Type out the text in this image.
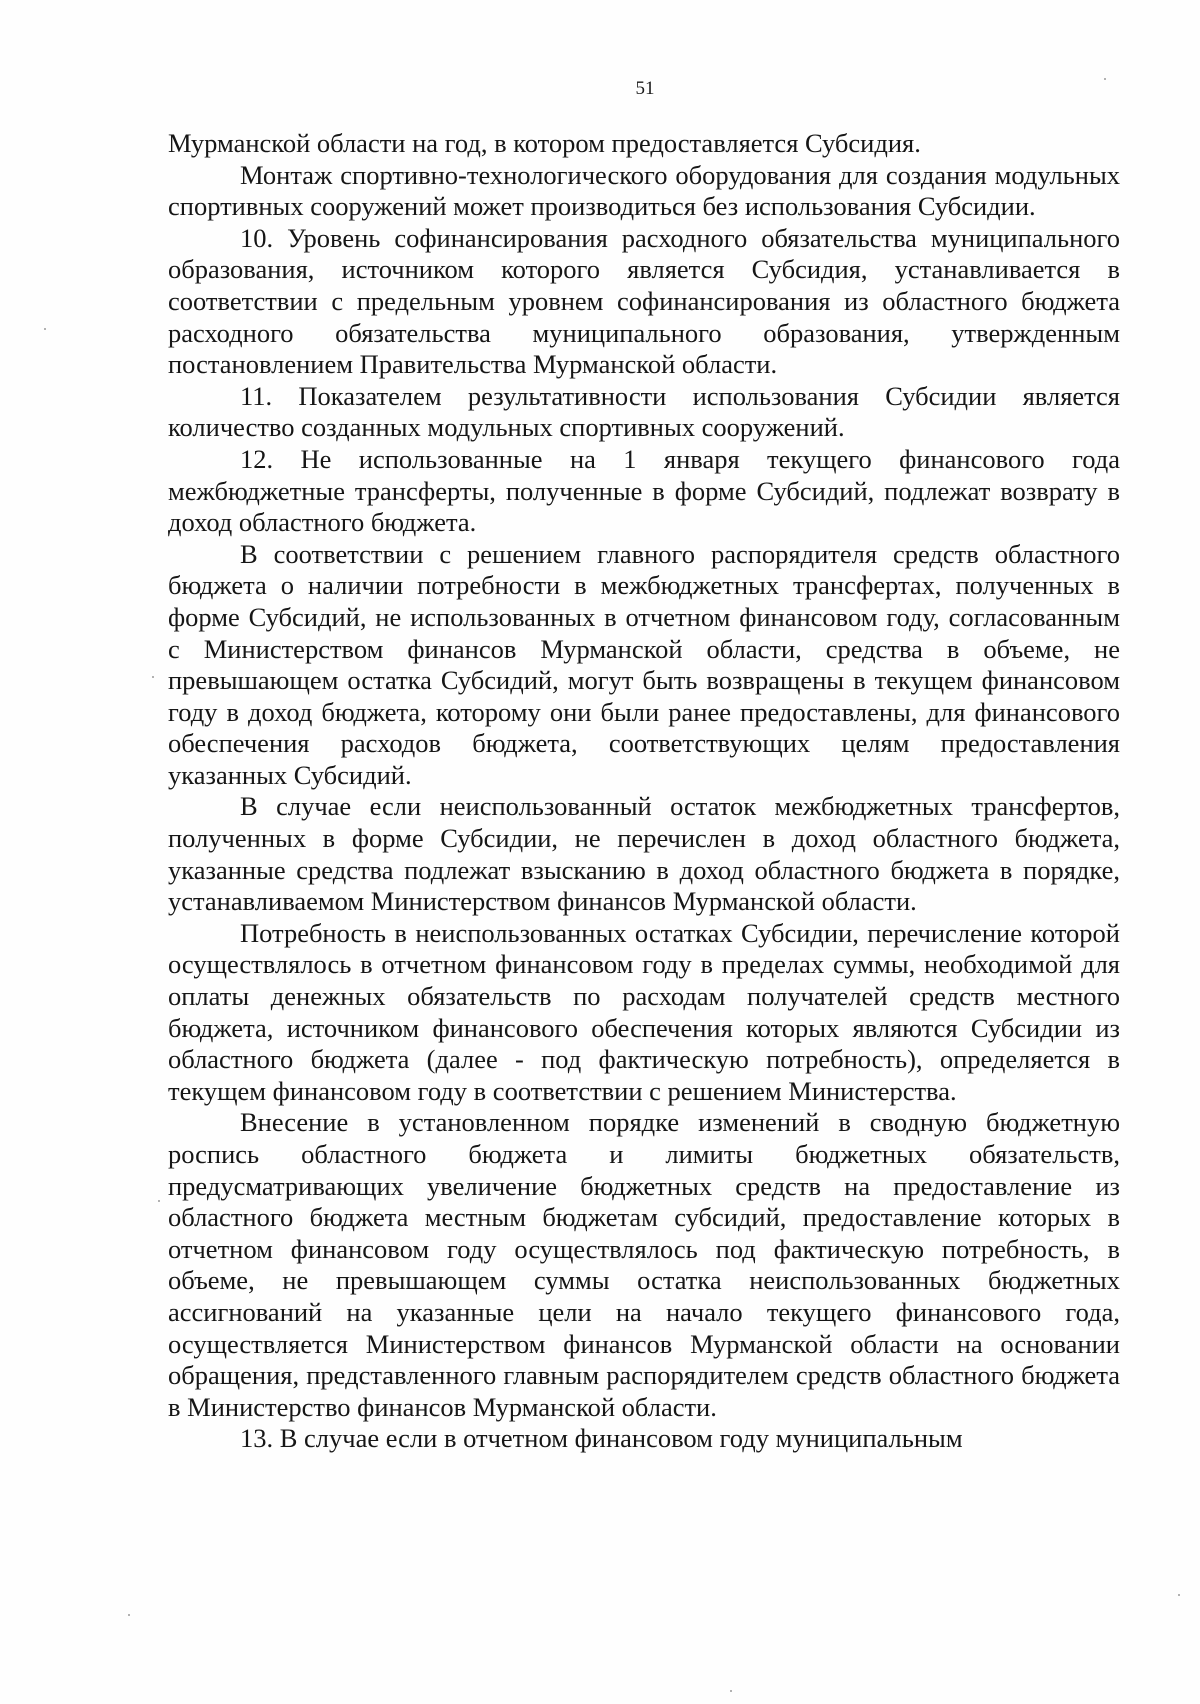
51

Мурманской области на год, в котором предоставляется Субсидия.

Монтаж спортивно-технологического оборудования для создания модульных спортивных сооружений может производиться без использования Субсидии.

10. Уровень софинансирования расходного обязательства муниципального образования, источником которого является Субсидия, устанавливается в соответствии с предельным уровнем софинансирования из областного бюджета расходного обязательства муниципального образования, утвержденным постановлением Правительства Мурманской области.

11. Показателем результативности использования Субсидии является количество созданных модульных спортивных сооружений.

12. Не использованные на 1 января текущего финансового года межбюджетные трансферты, полученные в форме Субсидий, подлежат возврату в доход областного бюджета.

В соответствии с решением главного распорядителя средств областного бюджета о наличии потребности в межбюджетных трансфертах, полученных в форме Субсидий, не использованных в отчетном финансовом году, согласованным с Министерством финансов Мурманской области, средства в объеме, не превышающем остатка Субсидий, могут быть возвращены в текущем финансовом году в доход бюджета, которому они были ранее предоставлены, для финансового обеспечения расходов бюджета, соответствующих целям предоставления указанных Субсидий.

В случае если неиспользованный остаток межбюджетных трансфертов, полученных в форме Субсидии, не перечислен в доход областного бюджета, указанные средства подлежат взысканию в доход областного бюджета в порядке, устанавливаемом Министерством финансов Мурманской области.

Потребность в неиспользованных остатках Субсидии, перечисление которой осуществлялось в отчетном финансовом году в пределах суммы, необходимой для оплаты денежных обязательств по расходам получателей средств местного бюджета, источником финансового обеспечения которых являются Субсидии из областного бюджета (далее - под фактическую потребность), определяется в текущем финансовом году в соответствии с решением Министерства.

Внесение в установленном порядке изменений в сводную бюджетную роспись областного бюджета и лимиты бюджетных обязательств, предусматривающих увеличение бюджетных средств на предоставление из областного бюджета местным бюджетам субсидий, предоставление которых в отчетном финансовом году осуществлялось под фактическую потребность, в объеме, не превышающем суммы остатка неиспользованных бюджетных ассигнований на указанные цели на начало текущего финансового года, осуществляется Министерством финансов Мурманской области на основании обращения, представленного главным распорядителем средств областного бюджета в Министерство финансов Мурманской области.

13. В случае если в отчетном финансовом году муниципальным
